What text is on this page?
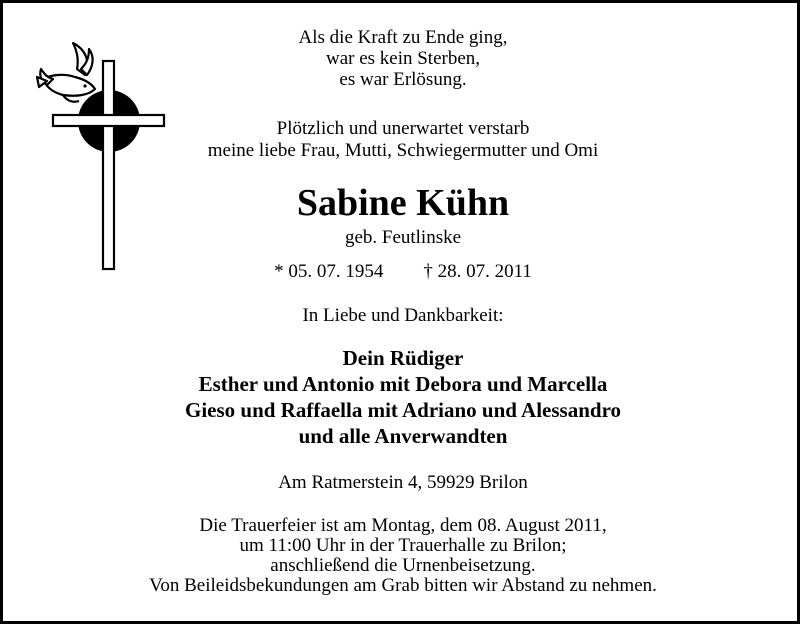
Als die Kraft zu Ende ging,
war es kein Sterben,
es war Erlösung.
Plötzlich und unerwartet verstarb
meine liebe Frau, Mutti, Schwiegermutter und Omi
Sabine Kühn
geb. Feutlinske
* 05. 07. 1954 † 28. 07. 2011
In Liebe und Dankbarkeit:
Dein Rüdiger
Esther und Antonio mit Debora und Marcella
Gieso und Raffaella mit Adriano und Alessandro
und alle Anverwandten
Am Ratmerstein 4, 59929 Brilon
Die Trauerfeier ist am Montag, dem 08. August 2011,
um 11:00 Uhr in der Trauerhalle zu Brilon;
anschließend die Urnenbeisetzung.
Von Beileidsbekundungen am Grab bitten wir Abstand zu nehmen.
